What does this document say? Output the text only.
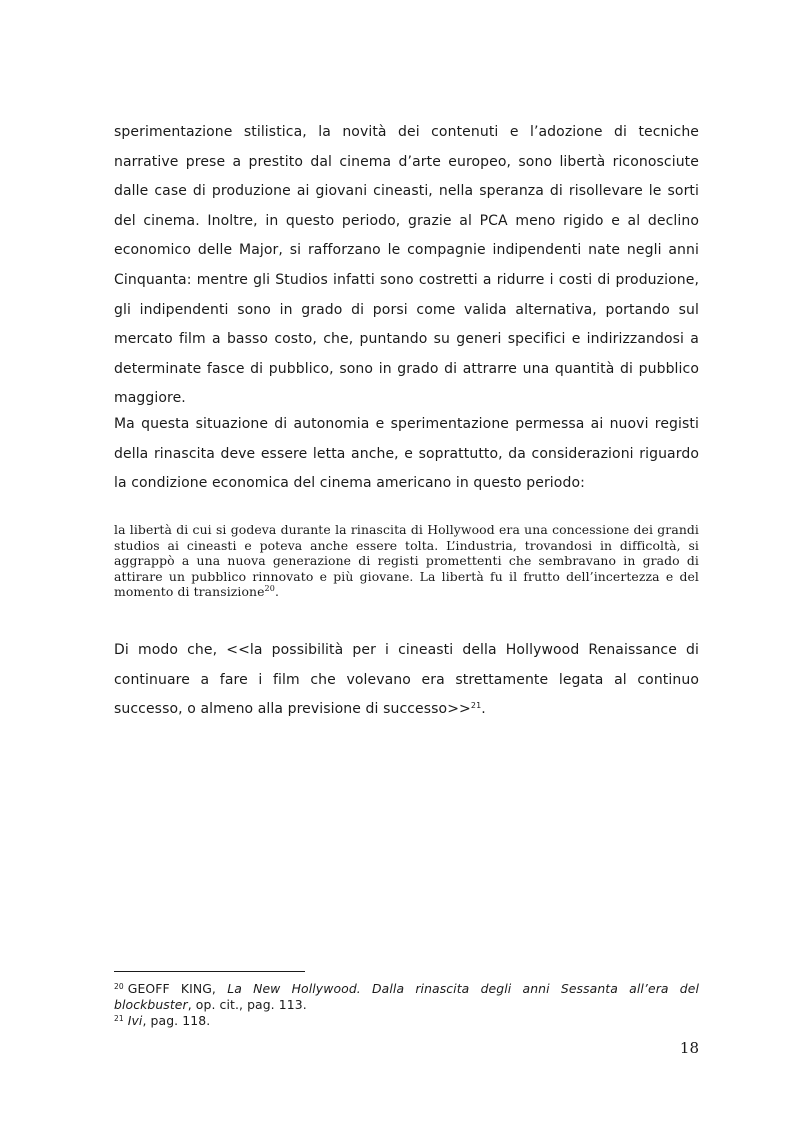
sperimentazione stilistica, la novità dei contenuti e l’adozione di tecniche narrative prese a prestito dal cinema d’arte europeo, sono libertà riconosciute dalle case di produzione ai giovani cineasti, nella speranza di risollevare le sorti del cinema. Inoltre, in questo periodo, grazie al PCA meno rigido e al declino economico delle Major, si rafforzano le compagnie indipendenti nate negli anni Cinquanta: mentre gli Studios infatti sono costretti a ridurre i costi di produzione, gli indipendenti sono in grado di porsi come valida alternativa, portando sul mercato film a basso costo, che, puntando su generi specifici e indirizzandosi a determinate fasce di pubblico, sono in grado di attrarre una quantità di pubblico maggiore.
Ma questa situazione di autonomia e sperimentazione permessa ai nuovi registi della rinascita deve essere letta anche, e soprattutto, da considerazioni riguardo la condizione economica del cinema americano in questo periodo:
la libertà di cui si godeva durante la rinascita di Hollywood era una concessione dei grandi studios ai cineasti e poteva anche essere tolta. L’industria, trovandosi in difficoltà, si aggrappò a una nuova generazione di registi promettenti che sembravano in grado di attirare un pubblico rinnovato e più giovane. La libertà fu il frutto dell’incertezza e del momento di transizione$^{20}$.
Di modo che, <<la possibilità per i cineasti della Hollywood Renaissance di continuare a fare i film che volevano era strettamente legata al continuo successo, o almeno alla previsione di successo>>$^{21}$.

$^{20}$ GEOFF KING, La New Hollywood. Dalla rinascita degli anni Sessanta all’era del blockbuster, op. cit., pag. 113.

$^{21}$ Ivi, pag. 118.

18
